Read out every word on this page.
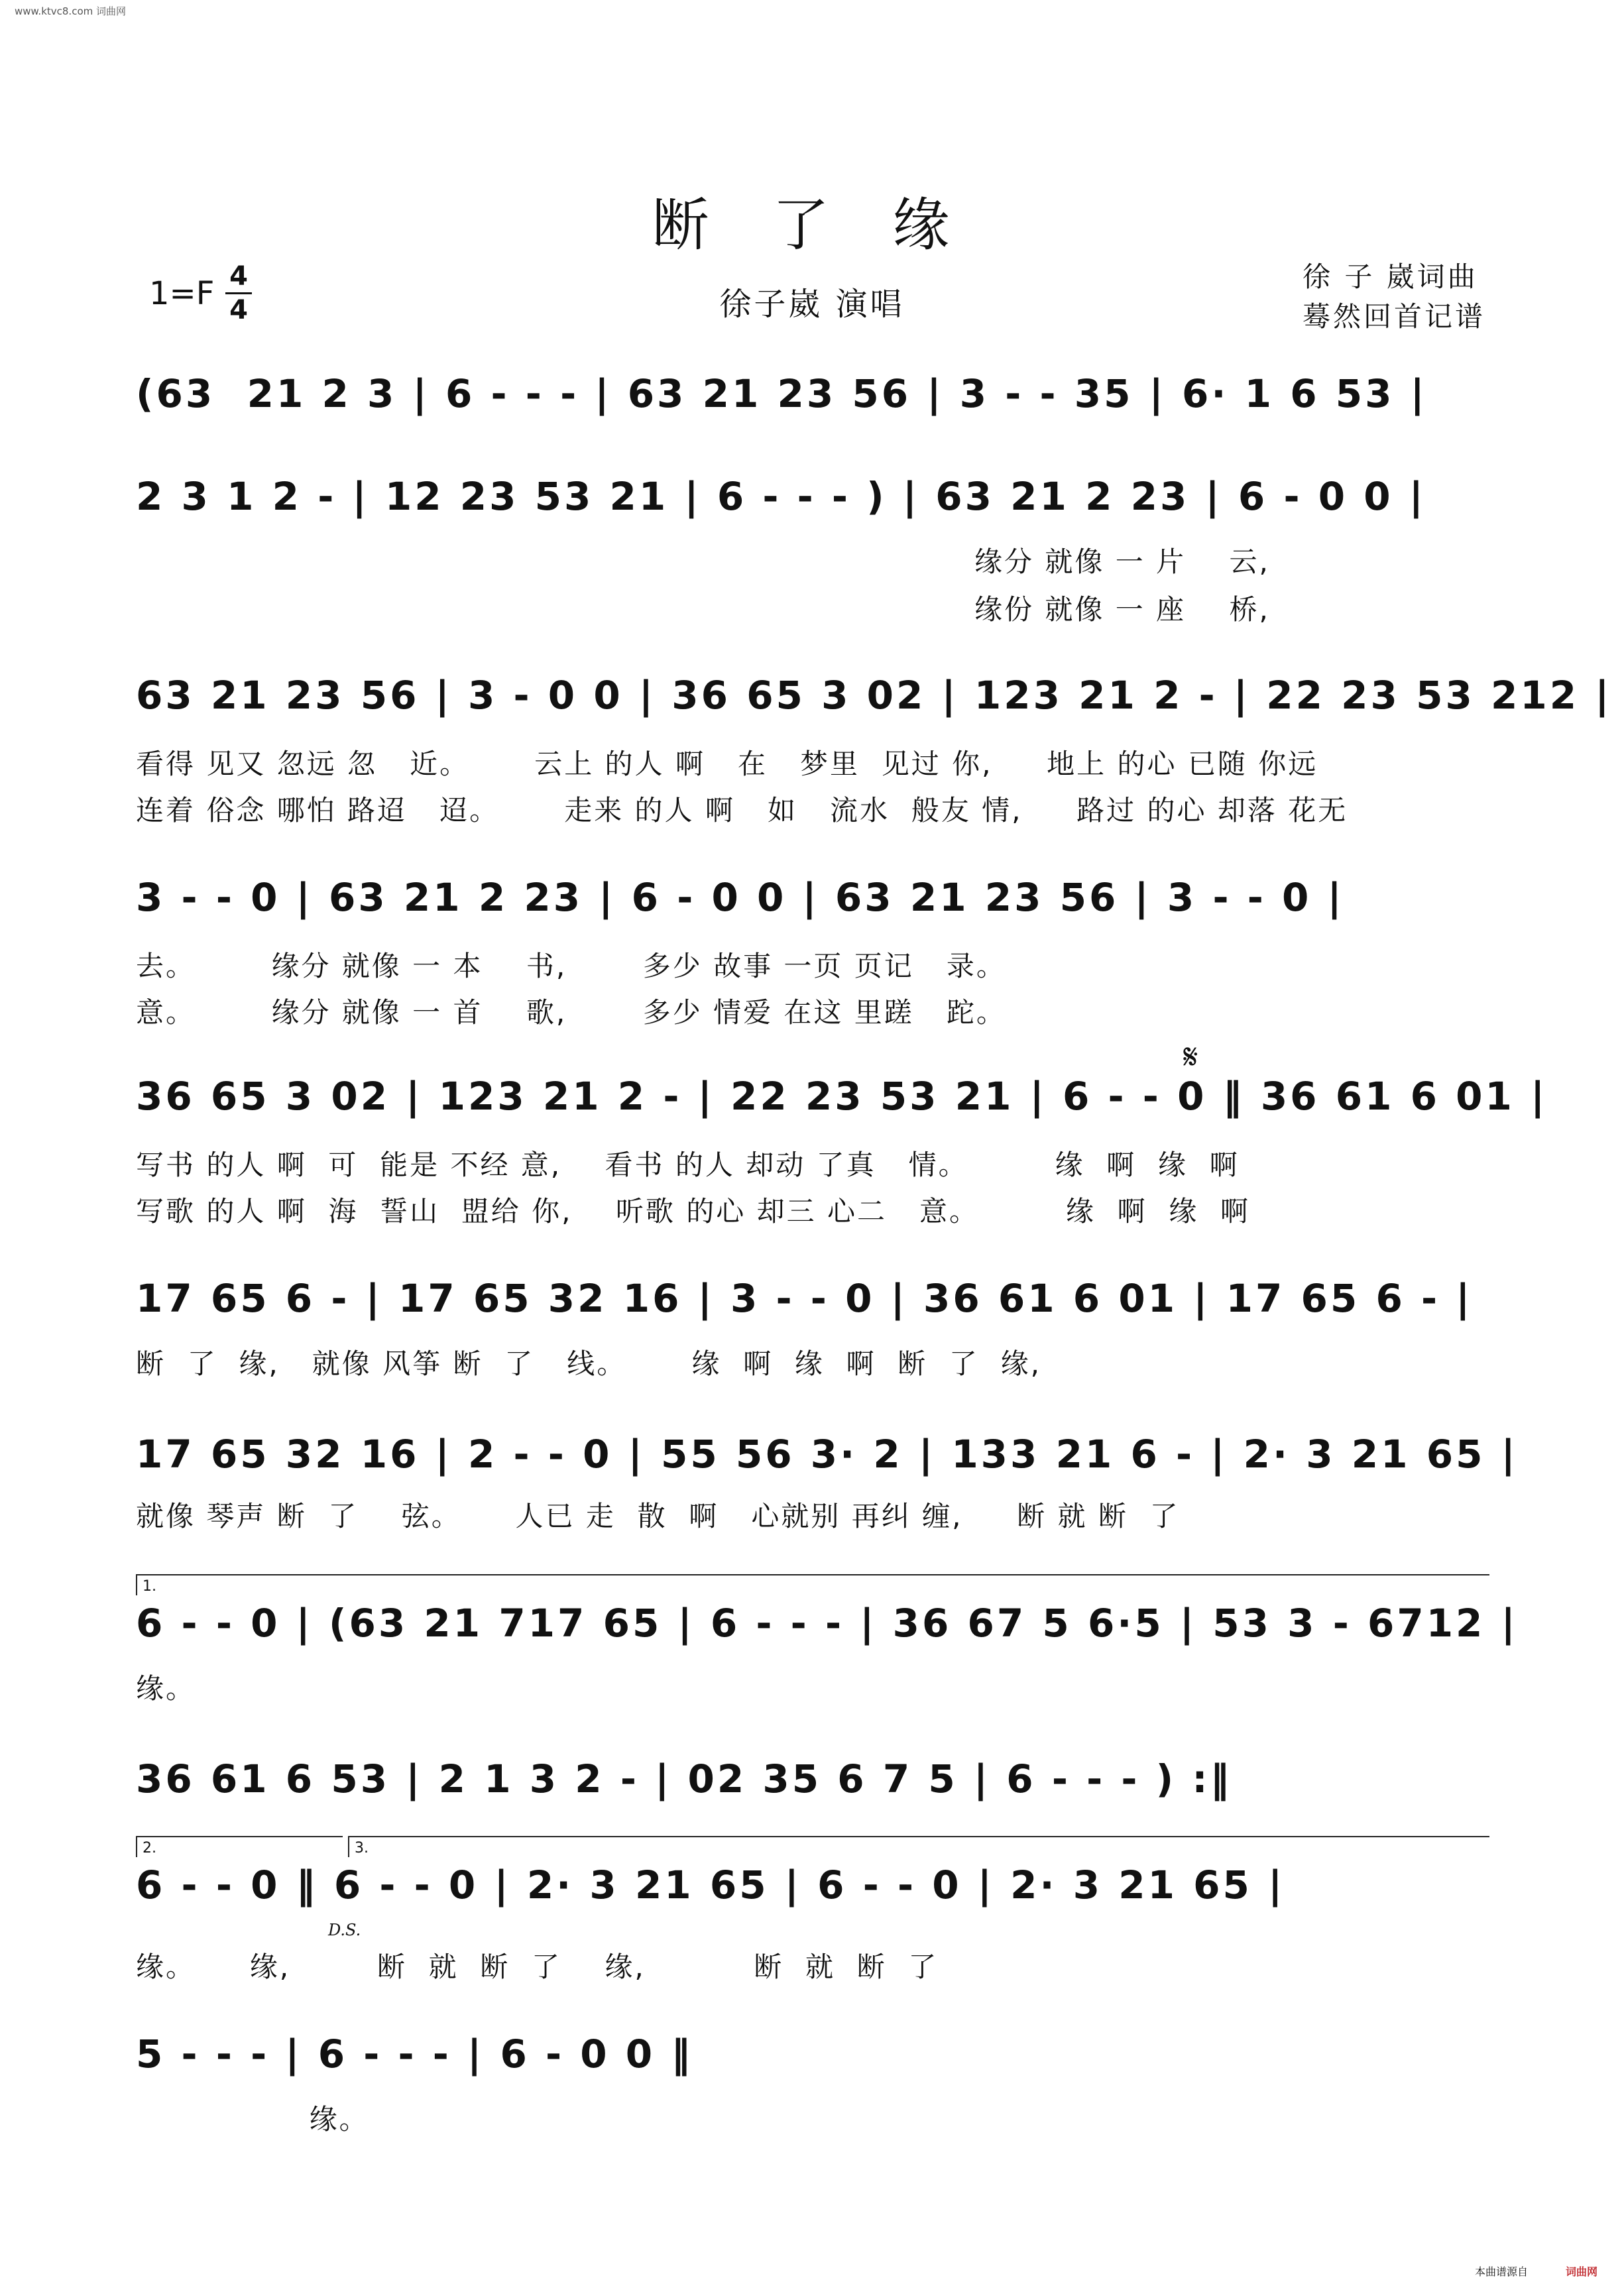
www.ktvc8.com 词曲网
断 了 缘
1=F 4
4	徐子崴 演唱
徐 子 崴词曲
蓦然回首记谱
(63  21 2 3 | 6 - - - | 63 21 23 56 | 3 - - 35 | 6· 1 6 53 |
2 3 1 2 - | 12 23 53 21 | 6 - - - ) | 63 21 2 23 | 6 - 0 0 |
缘分 就像 一 片    云,
缘份 就像 一 座    桥,
63 21 23 56 | 3 - 0 0 | 36 65 3 02 | 123 21 2 - | 22 23 53 212 |
看得 见又 忽远 忽   近。      云上 的人 啊   在   梦里  见过 你,     地上 的心 已随 你远
连着 俗念 哪怕 路迢   迢。      走来 的人 啊   如   流水  般友 情,     路过 的心 却落 花无
3 - - 0 | 63 21 2 23 | 6 - 0 0 | 63 21 23 56 | 3 - - 0 |
去。       缘分 就像 一 本    书,       多少 故事 一页 页记   录。
意。       缘分 就像 一 首    歌,       多少 情爱 在这 里蹉   跎。
𝄋
36 65 3 02 | 123 21 2 - | 22 23 53 21 | 6 - - 0 ‖ 36 61 6 01 |
写书 的人 啊  可  能是 不经 意,    看书 的人 却动 了真   情。        缘  啊  缘  啊
写歌 的人 啊  海  誓山  盟给 你,    听歌 的心 却三 心二   意。        缘  啊  缘  啊
17 65 6 - | 17 65 32 16 | 3 - - 0 | 36 61 6 01 | 17 65 6 - |
断  了  缘,   就像 风筝 断  了   线。      缘  啊  缘  啊  断  了  缘,
17 65 32 16 | 2 - - 0 | 55 56 3· 2 | 133 21 6 - | 2· 3 21 65 |
就像 琴声 断  了    弦。     人已 走  散  啊   心就别 再纠 缠,     断 就 断  了
1.
6 - - 0 | (63 21 717 65 | 6 - - - | 36 67 5 6·5 | 53 3 - 6712 |
缘。
36 61 6 53 | 2 1 3 2 - | 02 35 6 7 5 | 6 - - - ) :‖
2.	3.
6 - - 0 ‖ 6 - - 0 | 2· 3 21 65 | 6 - - 0 | 2· 3 21 65 |
D.S.
缘。     缘,        断  就  断  了    缘,          断  就  断  了
5 - - - | 6 - - - | 6 - 0 0 ‖
缘。
本曲谱源自	词曲网
